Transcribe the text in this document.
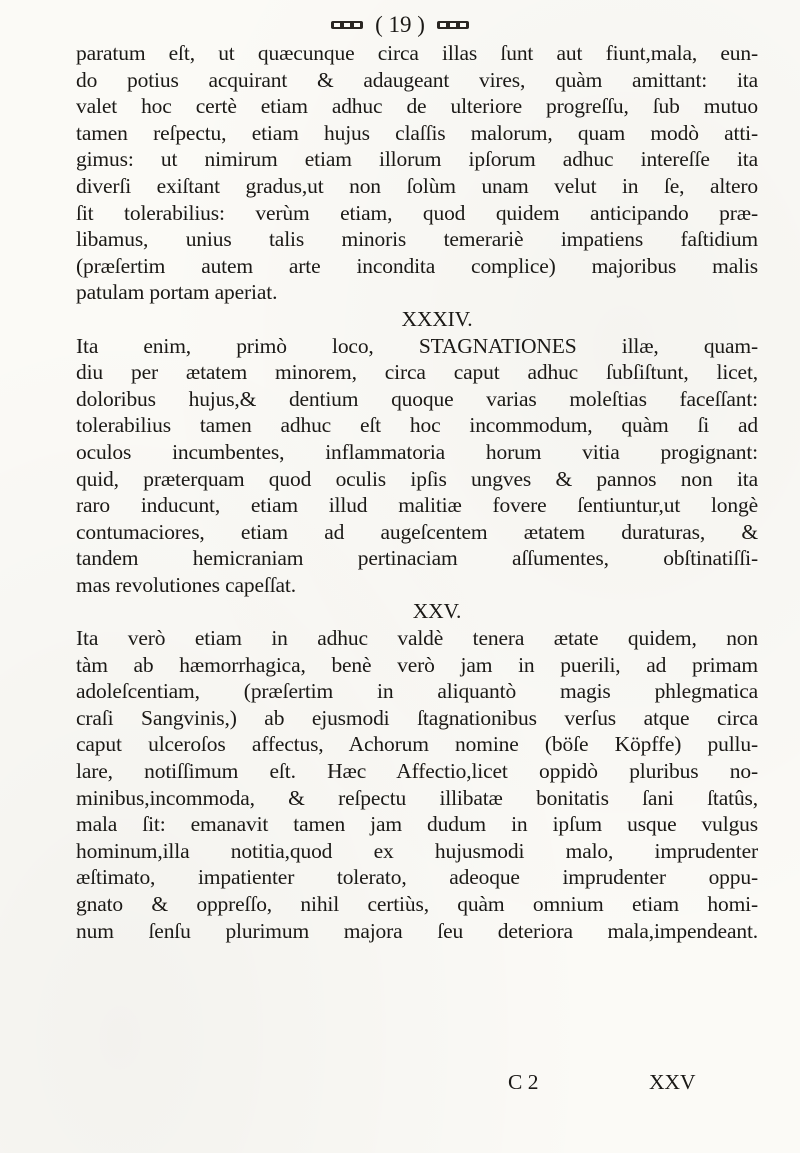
( 19 )
paratum eſt, ut quæcunque circa illas ſunt aut fiunt,mala, eun-
do potius acquirant & adaugeant vires, quàm amittant: ita
valet hoc certè etiam adhuc de ulteriore progreſſu, ſub mutuo
tamen reſpectu, etiam hujus claſſis malorum, quam modò atti-
gimus: ut nimirum etiam illorum ipſorum adhuc intereſſe ita
diverſi exiſtant gradus,ut non ſolùm unam velut in ſe, altero
ſit tolerabilius: verùm etiam, quod quidem anticipando præ-
libamus, unius talis minoris temerariè impatiens faſtidium
(præſertim autem arte incondita complice) majoribus malis
patulam portam aperiat.
XXXIV.
Ita enim, primò loco, STAGNATIONES illæ, quam-
diu per ætatem minorem, circa caput adhuc ſubſiſtunt, licet,
doloribus hujus,& dentium quoque varias moleſtias faceſſant:
tolerabilius tamen adhuc eſt hoc incommodum, quàm ſi ad
oculos incumbentes, inflammatoria horum vitia progignant:
quid, præterquam quod oculis ipſis ungves & pannos non ita
raro inducunt, etiam illud malitiæ fovere ſentiuntur,ut longè
contumaciores, etiam ad augeſcentem ætatem duraturas, &
tandem hemicraniam pertinaciam aſſumentes, obſtinatiſſi-
mas revolutiones capeſſat.
XXV.
Ita verò etiam in adhuc valdè tenera ætate quidem, non
tàm ab hæmorrhagica, benè verò jam in puerili, ad primam
adoleſcentiam, (præſertim in aliquantò magis phlegmatica
craſi Sangvinis,) ab ejusmodi ſtagnationibus verſus atque circa
caput ulceroſos affectus, Achorum nomine (böſe Köpffe) pullu-
lare, notiſſimum eſt. Hæc Affectio,licet oppidò pluribus no-
minibus,incommoda, & reſpectu illibatæ bonitatis ſani ſtatûs,
mala ſit: emanavit tamen jam dudum in ipſum usque vulgus
hominum,illa notitia,quod ex hujusmodi malo, imprudenter
æſtimato, impatienter tolerato, adeoque imprudenter oppu-
gnato & oppreſſo, nihil certiùs, quàm omnium etiam homi-
num ſenſu plurimum majora ſeu deteriora mala,impendeant.
C 2	XXV
